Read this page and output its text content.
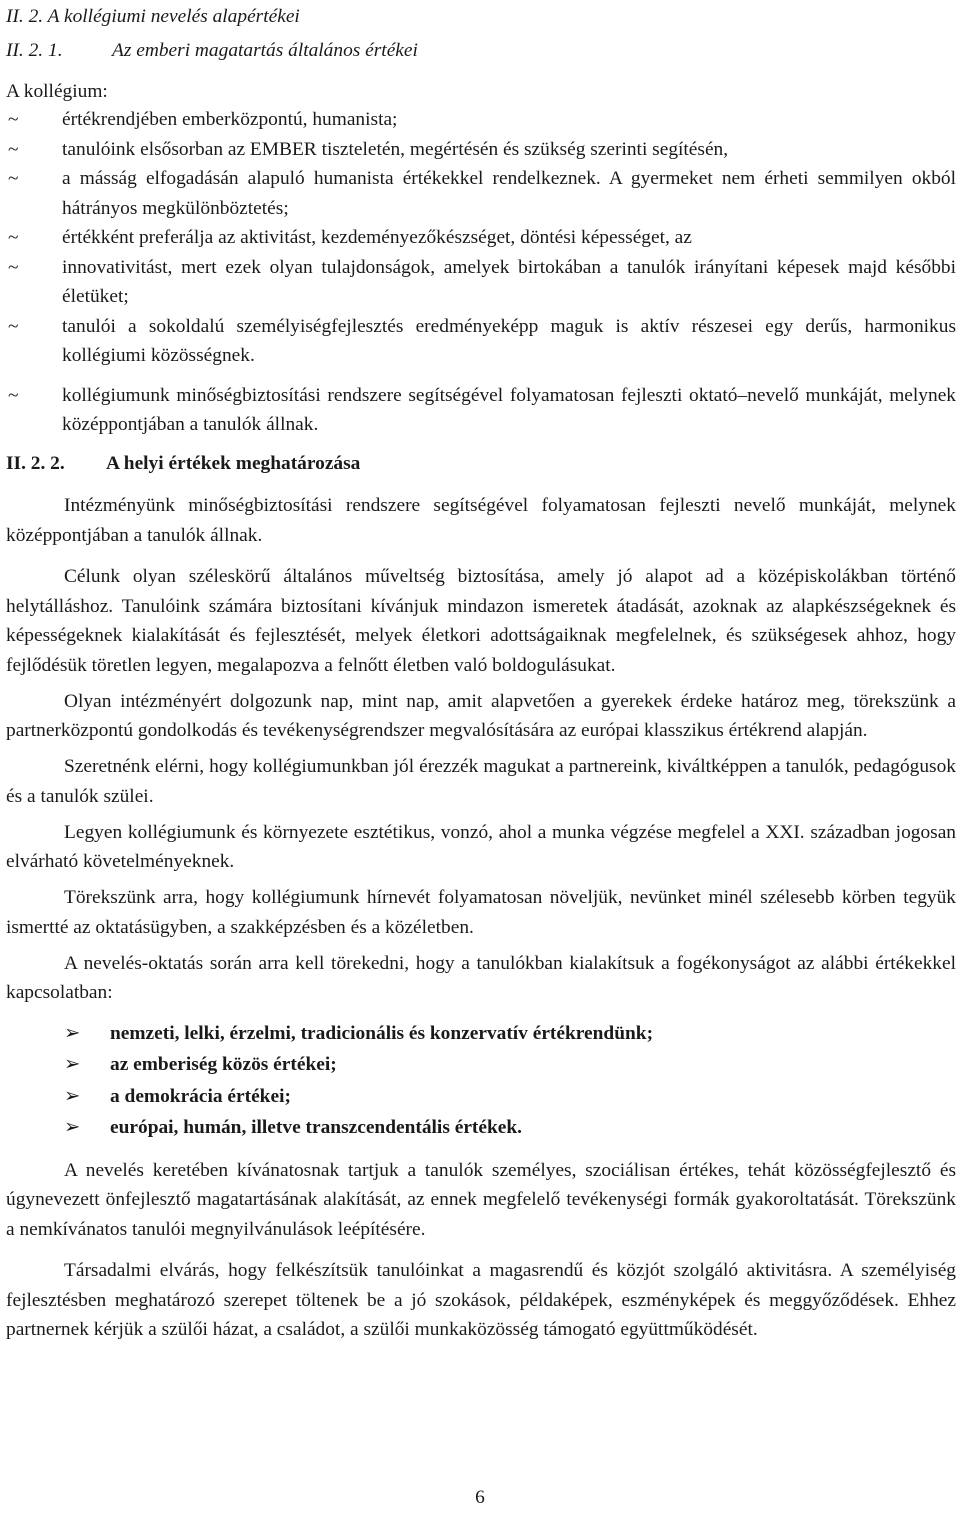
II. 2. A kollégiumi nevelés alapértékei

II. 2. 1.	Az emberi magatartás általános értékei

A kollégium:

~ értékrendjében emberközpontú, humanista;
~ tanulóink elsősorban az EMBER tiszteletén, megértésén és szükség szerinti segítésén,
~ a másság elfogadásán alapuló humanista értékekkel rendelkeznek. A gyermeket nem érheti semmilyen okból hátrányos megkülönböztetés;
~ értékként preferálja az aktivitást, kezdeményezőkészséget, döntési képességet, az
~ innovativitást, mert ezek olyan tulajdonságok, amelyek birtokában a tanulók irányítani képesek majd későbbi életüket;
~ tanulói a sokoldalú személyiségfejlesztés eredményeképp maguk is aktív részesei egy derűs, harmonikus kollégiumi közösségnek.
~ kollégiumunk minőségbiztosítási rendszere segítségével folyamatosan fejleszti oktató–nevelő munkáját, melynek középpontjában a tanulók állnak.

II. 2. 2. A helyi értékek meghatározása

Intézményünk minőségbiztosítási rendszere segítségével folyamatosan fejleszti nevelő munkáját, melynek középpontjában a tanulók állnak.

Célunk olyan széleskörű általános műveltség biztosítása, amely jó alapot ad a középiskolákban történő helytálláshoz. Tanulóink számára biztosítani kívánjuk mindazon ismeretek átadását, azoknak az alapkészségeknek és képességeknek kialakítását és fejlesztését, melyek életkori adottságaiknak megfelelnek, és szükségesek ahhoz, hogy fejlődésük töretlen legyen, megalapozva a felnőtt életben való boldogulásukat.

Olyan intézményért dolgozunk nap, mint nap, amit alapvetően a gyerekek érdeke határoz meg, törekszünk a partnerközpontú gondolkodás és tevékenységrendszer megvalósítására az európai klasszikus értékrend alapján.

Szeretnénk elérni, hogy kollégiumunkban jól érezzék magukat a partnereink, kiváltképpen a tanulók, pedagógusok és a tanulók szülei.

Legyen kollégiumunk és környezete esztétikus, vonzó, ahol a munka végzése megfelel a XXI. században jogosan elvárható követelményeknek.

Törekszünk arra, hogy kollégiumunk hírnevét folyamatosan növeljük, nevünket minél szélesebb körben tegyük ismertté az oktatásügyben, a szakképzésben és a közéletben.

A nevelés-oktatás során arra kell törekedni, hogy a tanulókban kialakítsuk a fogékonyságot az alábbi értékekkel kapcsolatban:

➢ nemzeti, lelki, érzelmi, tradicionális és konzervatív értékrendünk;
➢ az emberiség közös értékei;
➢ a demokrácia értékei;
➢ európai, humán, illetve transzcendentális értékek.

A nevelés keretében kívánatosnak tartjuk a tanulók személyes, szociálisan értékes, tehát közösségfejlesztő és úgynevezett önfejlesztő magatartásának alakítását, az ennek megfelelő tevékenységi formák gyakoroltatását. Törekszünk a nemkívánatos tanulói megnyilvánulások leépítésére.

Társadalmi elvárás, hogy felkészítsük tanulóinkat a magasrendű és közjót szolgáló aktivitásra. A személyiség fejlesztésben meghatározó szerepet töltenek be a jó szokások, példaképek, eszményképek és meggyőződések. Ehhez partnernek kérjük a szülői házat, a családot, a szülői munkaközösség támogató együttműködését.

6
